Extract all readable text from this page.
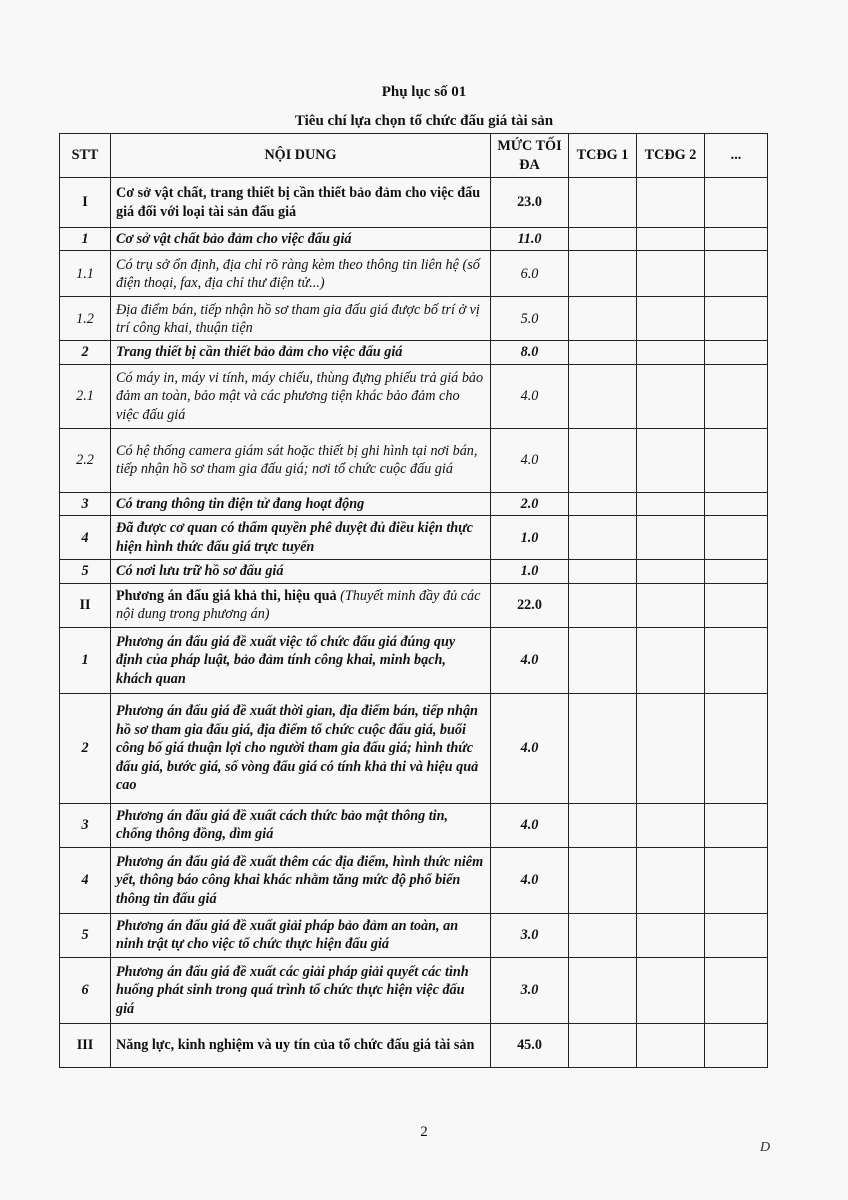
Phụ lục số 01
Tiêu chí lựa chọn tổ chức đấu giá tài sản
STT	NỘI DUNG	MỨC TỐI ĐA	TCĐG 1	TCĐG 2	...
I	Cơ sở vật chất, trang thiết bị cần thiết bảo đảm cho việc đấu giá đối với loại tài sản đấu giá	23.0			
1	Cơ sở vật chất bảo đảm cho việc đấu giá	11.0			
1.1	Có trụ sở ổn định, địa chỉ rõ ràng kèm theo thông tin liên hệ (số điện thoại, fax, địa chỉ thư điện tử...)	6.0			
1.2	Địa điểm bán, tiếp nhận hồ sơ tham gia đấu giá được bố trí ở vị trí công khai, thuận tiện	5.0			
2	Trang thiết bị cần thiết bảo đảm cho việc đấu giá	8.0			
2.1	Có máy in, máy vi tính, máy chiếu, thùng đựng phiếu trả giá bảo đảm an toàn, bảo mật và các phương tiện khác bảo đảm cho việc đấu giá	4.0			
2.2	Có hệ thống camera giám sát hoặc thiết bị ghi hình tại nơi bán, tiếp nhận hồ sơ tham gia đấu giá; nơi tổ chức cuộc đấu giá	4.0			
3	Có trang thông tin điện tử đang hoạt động	2.0			
4	Đã được cơ quan có thẩm quyền phê duyệt đủ điều kiện thực hiện hình thức đấu giá trực tuyến	1.0			
5	Có nơi lưu trữ hồ sơ đấu giá	1.0			
II	Phương án đấu giá khả thi, hiệu quả (Thuyết minh đầy đủ các nội dung trong phương án)	22.0			
1	Phương án đấu giá đề xuất việc tổ chức đấu giá đúng quy định của pháp luật, bảo đảm tính công khai, minh bạch, khách quan	4.0			
2	Phương án đấu giá đề xuất thời gian, địa điểm bán, tiếp nhận hồ sơ tham gia đấu giá, địa điểm tổ chức cuộc đấu giá, buổi công bố giá thuận lợi cho người tham gia đấu giá; hình thức đấu giá, bước giá, số vòng đấu giá có tính khả thi và hiệu quả cao	4.0			
3	Phương án đấu giá đề xuất cách thức bảo mật thông tin, chống thông đồng, dìm giá	4.0			
4	Phương án đấu giá đề xuất thêm các địa điểm, hình thức niêm yết, thông báo công khai khác nhằm tăng mức độ phổ biến thông tin đấu giá	4.0			
5	Phương án đấu giá đề xuất giải pháp bảo đảm an toàn, an ninh trật tự cho việc tổ chức thực hiện đấu giá	3.0			
6	Phương án đấu giá đề xuất các giải pháp giải quyết các tình huống phát sinh trong quá trình tổ chức thực hiện việc đấu giá	3.0			
III	Năng lực, kinh nghiệm và uy tín của tổ chức đấu giá tài sản	45.0			
2
D
